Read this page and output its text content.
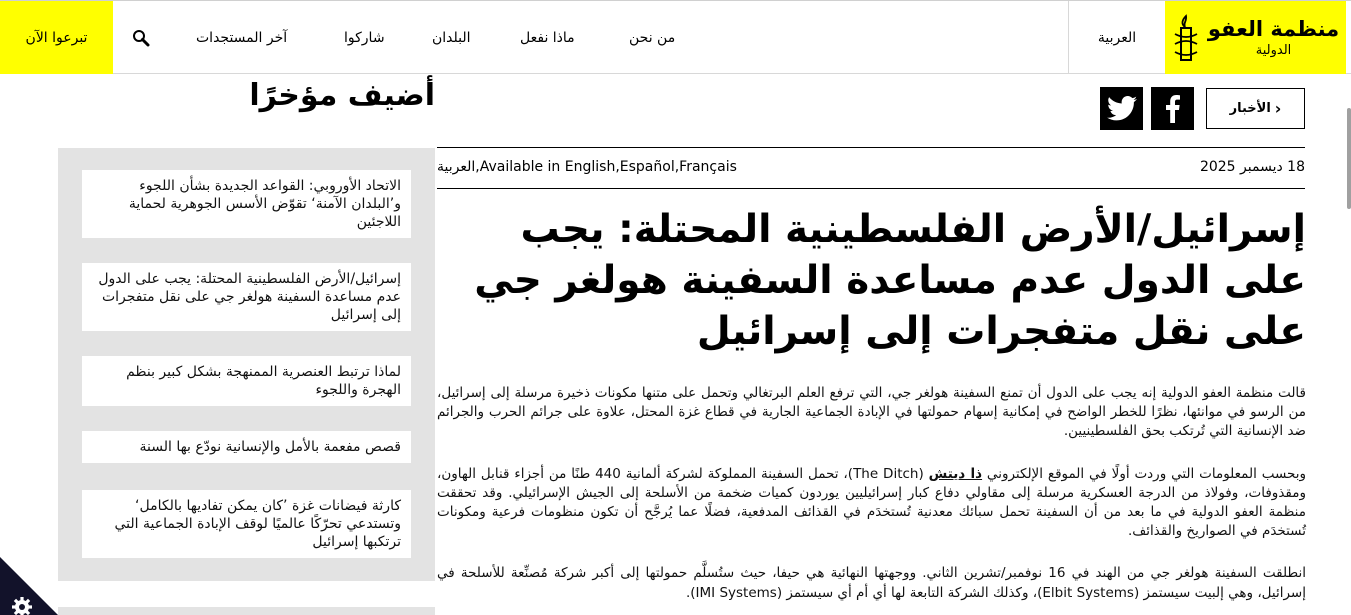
تبرعوا الآن	آخر المستجدات	شاركوا	البلدان	ماذا نفعل	من نحن	العربية	منظمة العفو
الدولية
‹
الأخبار
18 ديسمبر 2025
العربية , Available in
English , Español , Français
إسرائيل/الأرض الفلسطينية المحتلة: يجب على الدول عدم مساعدة السفينة هولغر جي على نقل متفجرات إلى إسرائيل

قالت منظمة العفو الدولية إنه يجب على الدول أن تمنع السفينة هولغر جي، التي ترفع العلم البرتغالي وتحمل على متنها مكونات ذخيرة مرسلة إلى إسرائيل، من الرسو في موانئها، نظرًا للخطر الواضح في إمكانية إسهام حمولتها في الإبادة الجماعية الجارية في قطاع غزة المحتل، علاوة على جرائم الحرب والجرائم ضد الإنسانية التي تُرتكب بحق الفلسطينيين.

وبحسب المعلومات التي وردت أولًا في الموقع الإلكتروني ذا ديتش (The Ditch)، تحمل السفينة المملوكة لشركة ألمانية 440 طنًا من أجزاء قنابل الهاون، ومقذوفات، وفولاذ من الدرجة العسكرية مرسلة إلى مقاولي دفاع كبار إسرائيليين يوردون كميات ضخمة من الأسلحة إلى الجيش الإسرائيلي. وقد تحققت منظمة العفو الدولية في ما بعد من أن السفينة تحمل سبائك معدنية تُستخدَم في القذائف المدفعية، فضلًا عما يُرجَّح أن تكون منظومات فرعية ومكونات تُستخدَم في الصواريخ والقذائف.

انطلقت السفينة هولغر جي من الهند في 16 نوفمبر/تشرين الثاني. ووجهتها النهائية هي حيفا، حيث ستُسلَّم حمولتها إلى أكبر شركة مُصنِّعة للأسلحة في إسرائيل، وهي إلبيت سيستمز (Elbit Systems)، وكذلك الشركة التابعة لها أي أم أي سيستمز (IMI Systems).

أضيف مؤخرًا
الاتحاد الأوروبي: القواعد الجديدة بشأن اللجوء و’البلدان الآمنة‘ تقوّض الأسس الجوهرية لحماية اللاجئين
إسرائيل/الأرض الفلسطينية المحتلة: يجب على الدول عدم مساعدة السفينة هولغر جي على نقل متفجرات إلى إسرائيل
لماذا ترتبط العنصرية الممنهجة بشكل كبير بنظم الهجرة واللجوء
قصص مفعمة بالأمل والإنسانية نودّع بها السنة
كارثة فيضانات غزة ’كان يمكن تفاديها بالكامل‘ وتستدعي تحرّكًا عالميًا لوقف الإبادة الجماعية التي ترتكبها إسرائيل
